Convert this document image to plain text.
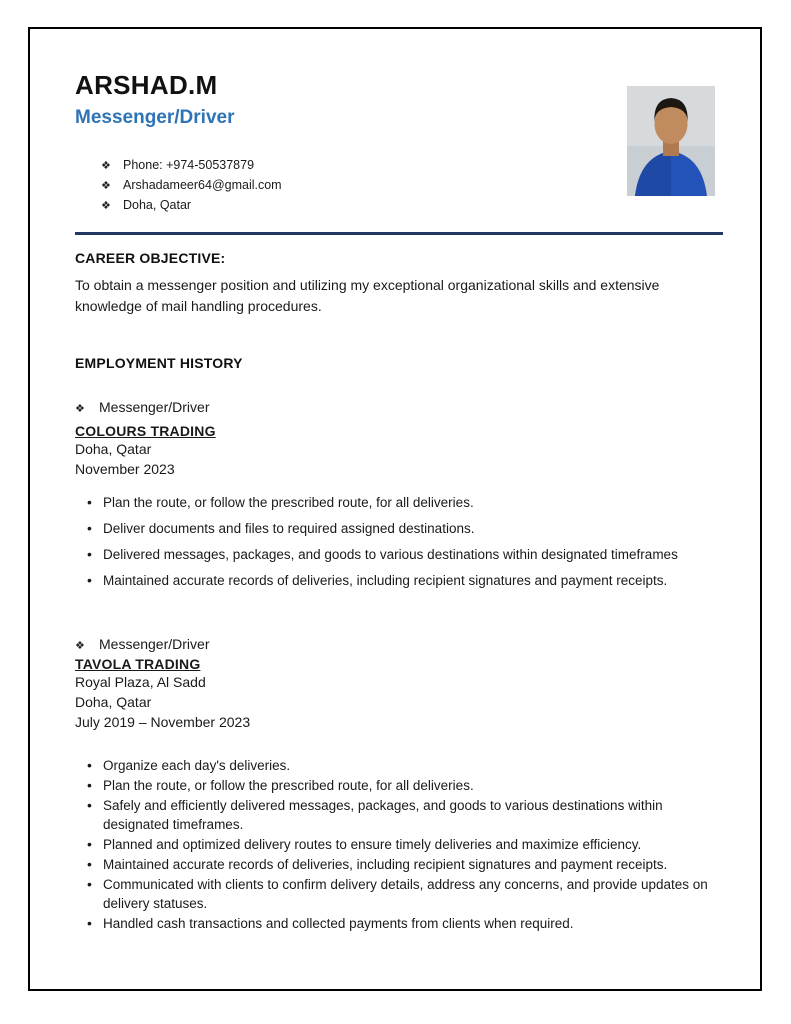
ARSHAD.M
Messenger/Driver
❖ Phone: +974-50537879
❖ Arshadameer64@gmail.com
❖ Doha, Qatar
CAREER OBJECTIVE:

To obtain a messenger position and utilizing my exceptional organizational skills and extensive knowledge of mail handling procedures.

EMPLOYMENT HISTORY
❖	Messenger/Driver
COLOURS TRADING
Doha, Qatar
November 2023
• Plan the route, or follow the prescribed route, for all deliveries.
• Deliver documents and files to required assigned destinations.
• Delivered messages, packages, and goods to various destinations within designated timeframes
• Maintained accurate records of deliveries, including recipient signatures and payment receipts.
❖	Messenger/Driver
TAVOLA TRADING
Royal Plaza, Al Sadd
Doha, Qatar
July 2019 – November 2023
• Organize each day's deliveries.
• Plan the route, or follow the prescribed route, for all deliveries.
• Safely and efficiently delivered messages, packages, and goods to various destinations within designated timeframes.
• Planned and optimized delivery routes to ensure timely deliveries and maximize efficiency.
• Maintained accurate records of deliveries, including recipient signatures and payment receipts.
• Communicated with clients to confirm delivery details, address any concerns, and provide updates on delivery statuses.
• Handled cash transactions and collected payments from clients when required.
